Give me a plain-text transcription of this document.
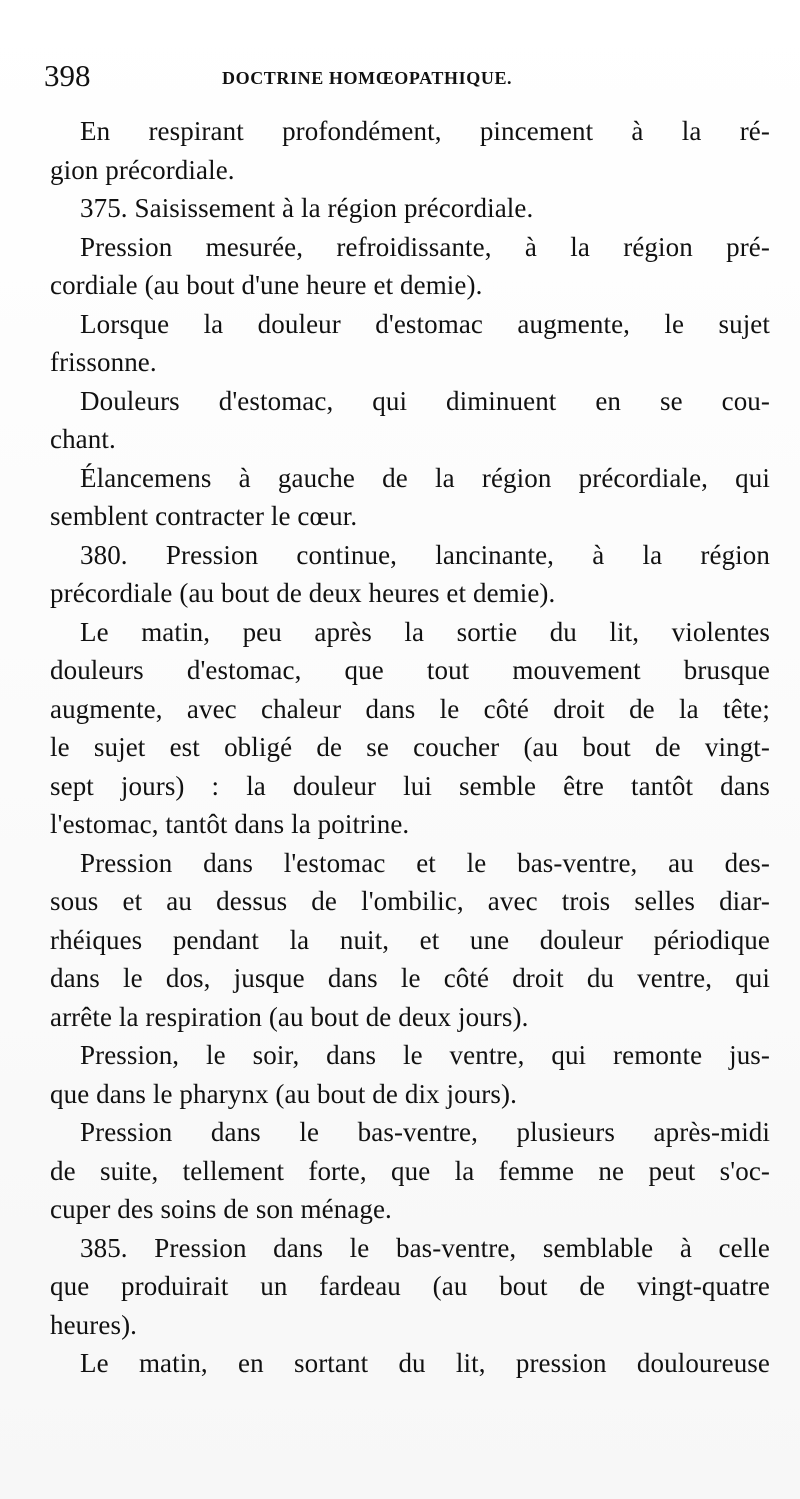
398	DOCTRINE HOMŒOPATHIQUE.
En respirant profondément, pincement à la ré-
gion précordiale.
375. Saisissement à la région précordiale.
Pression mesurée, refroidissante, à la région pré-
cordiale (au bout d'une heure et demie).
Lorsque la douleur d'estomac augmente, le sujet
frissonne.
Douleurs d'estomac, qui diminuent en se cou-
chant.
Élancemens à gauche de la région précordiale, qui
semblent contracter le cœur.
380. Pression continue, lancinante, à la région
précordiale (au bout de deux heures et demie).
Le matin, peu après la sortie du lit, violentes
douleurs d'estomac, que tout mouvement brusque
augmente, avec chaleur dans le côté droit de la tête;
le sujet est obligé de se coucher (au bout de vingt-
sept jours) : la douleur lui semble être tantôt dans
l'estomac, tantôt dans la poitrine.
Pression dans l'estomac et le bas-ventre, au des-
sous et au dessus de l'ombilic, avec trois selles diar-
rhéiques pendant la nuit, et une douleur périodique
dans le dos, jusque dans le côté droit du ventre, qui
arrête la respiration (au bout de deux jours).
Pression, le soir, dans le ventre, qui remonte jus-
que dans le pharynx (au bout de dix jours).
Pression dans le bas-ventre, plusieurs après-midi
de suite, tellement forte, que la femme ne peut s'oc-
cuper des soins de son ménage.
385. Pression dans le bas-ventre, semblable à celle
que produirait un fardeau (au bout de vingt-quatre
heures).
Le matin, en sortant du lit, pression douloureuse
